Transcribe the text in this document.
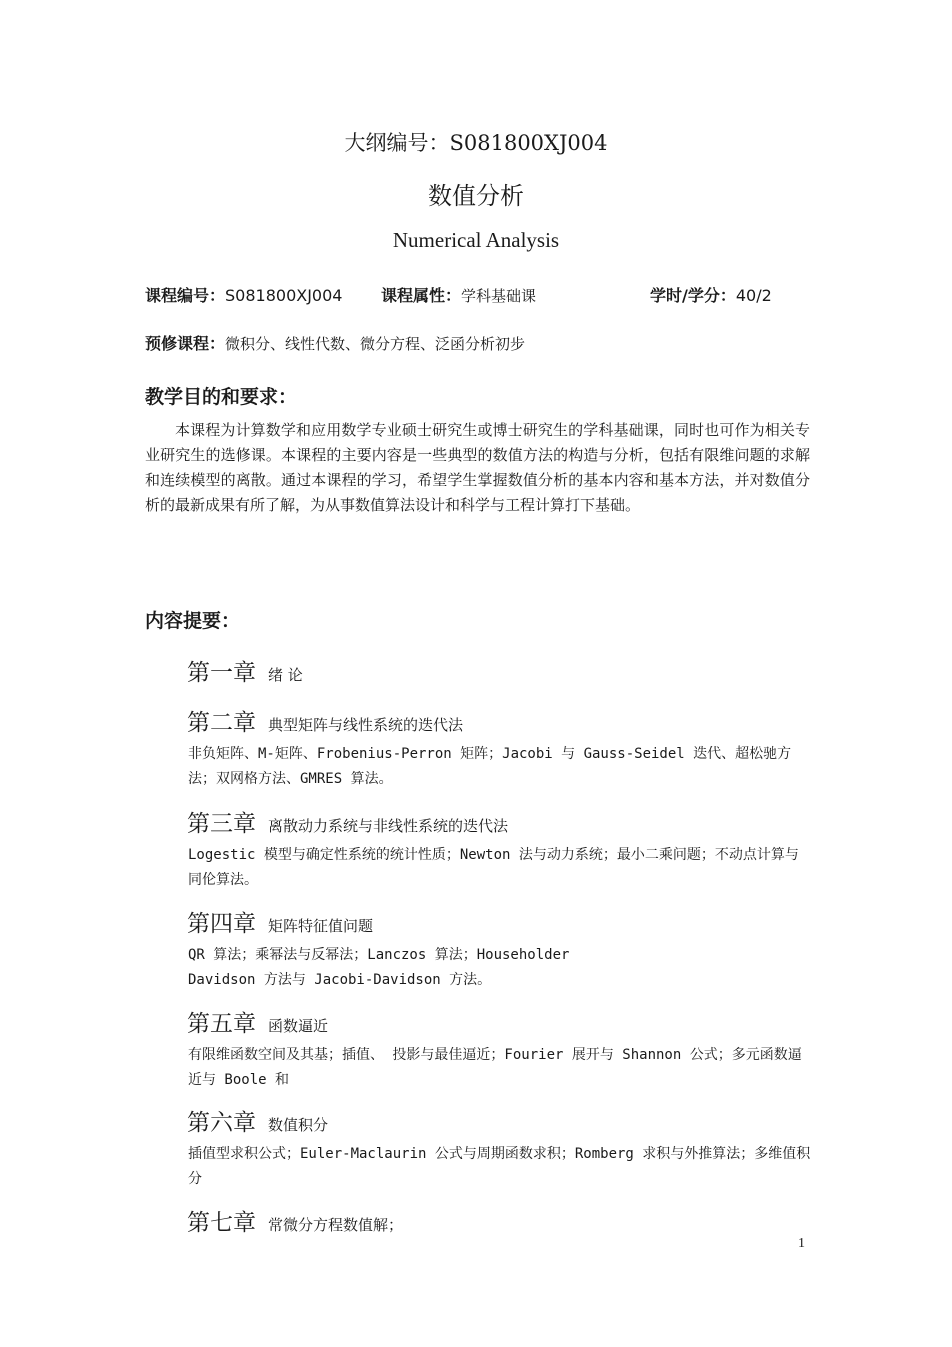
大纲编号：S081800XJ004
数值分析
Numerical Analysis
课程编号：S081800XJ004 课程属性：学科基础课	学时/学分：40/2
预修课程：微积分、线性代数、微分方程、泛函分析初步
教学目的和要求：

本课程为计算数学和应用数学专业硕士研究生或博士研究生的学科基础课，同时也可作为相关专业研究生的选修课。本课程的主要内容是一些典型的数值方法的构造与分析，包括有限维问题的求解和连续模型的离散。通过本课程的学习，希望学生掌握数值分析的基本内容和基本方法，并对数值分析的最新成果有所了解，为从事数值算法设计和科学与工程计算打下基础。

内容提要：
第一章 绪 论
第二章 典型矩阵与线性系统的迭代法
非负矩阵、M-矩阵、Frobenius-Perron 矩阵；Jacobi 与 Gauss-Seidel 迭代、超松驰方法；双网格方法、GMRES 算法。
第三章 离散动力系统与非线性系统的迭代法
Logestic 模型与确定性系统的统计性质；Newton 法与动力系统；最小二乘问题；不动点计算与同伦算法。
第四章 矩阵特征值问题
QR 算法；乘幂法与反幂法；Lanczos 算法；Householder
Davidson 方法与 Jacobi-Davidson 方法。
第五章 函数逼近
有限维函数空间及其基；插值、 投影与最佳逼近；Fourier 展开与 Shannon 公式；多元函数逼近与 Boole 和
第六章 数值积分
插值型求积公式；Euler-Maclaurin 公式与周期函数求积；Romberg 求积与外推算法；多维值积分
第七章 常微分方程数值解；
1
